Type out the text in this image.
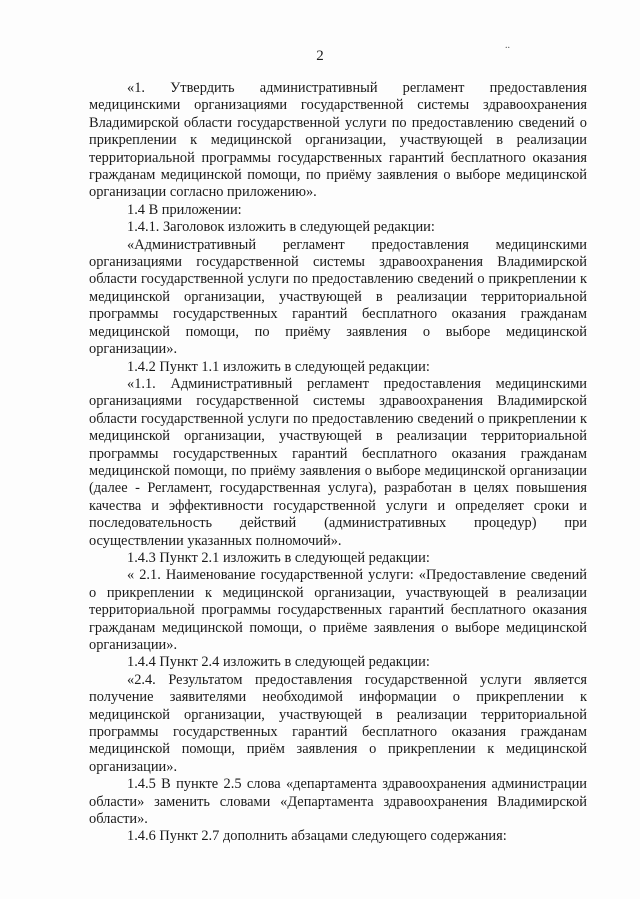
2
..

«1. Утвердить административный регламент предоставления медицинскими организациями государственной системы здравоохранения Владимирской области государственной услуги по предоставлению сведений о прикреплении к медицинской организации, участвующей в реализации территориальной программы государственных гарантий бесплатного оказания гражданам медицинской помощи, по приёму заявления о выборе медицинской организации согласно приложению».

1.4 В приложении:

1.4.1. Заголовок изложить в следующей редакции:

«Административный регламент предоставления медицинскими организациями государственной системы здравоохранения Владимирской области государственной услуги по предоставлению сведений о прикреплении к медицинской организации, участвующей в реализации территориальной программы государственных гарантий бесплатного оказания гражданам медицинской помощи, по приёму заявления о выборе медицинской организации».

1.4.2 Пункт 1.1 изложить в следующей редакции:

«1.1. Административный регламент предоставления медицинскими организациями государственной системы здравоохранения Владимирской области государственной услуги по предоставлению сведений о прикреплении к медицинской организации, участвующей в реализации территориальной программы государственных гарантий бесплатного оказания гражданам медицинской помощи, по приёму заявления о выборе медицинской организации (далее - Регламент, государственная услуга), разработан в целях повышения качества и эффективности государственной услуги и определяет сроки и последовательность действий (административных процедур) при осуществлении указанных полномочий».

1.4.3 Пункт 2.1 изложить в следующей редакции:

« 2.1. Наименование государственной услуги: «Предоставление сведений о прикреплении к медицинской организации, участвующей в реализации территориальной программы государственных гарантий бесплатного оказания гражданам медицинской помощи, о приёме заявления о выборе медицинской организации».

1.4.4 Пункт 2.4 изложить в следующей редакции:

«2.4. Результатом предоставления государственной услуги является получение заявителями необходимой информации о прикреплении к медицинской организации, участвующей в реализации территориальной программы государственных гарантий бесплатного оказания гражданам медицинской помощи, приём заявления о прикреплении к медицинской организации».

1.4.5 В пункте 2.5 слова «департамента здравоохранения администрации области» заменить словами «Департамента здравоохранения Владимирской области».

1.4.6 Пункт 2.7 дополнить абзацами следующего содержания:
